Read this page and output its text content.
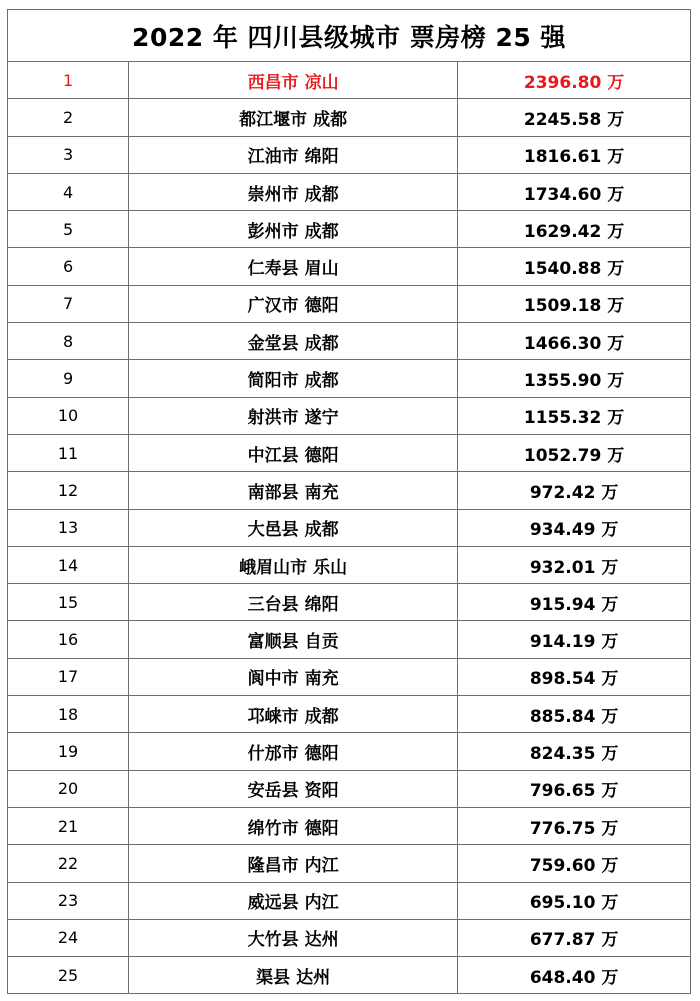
2022 年 四川县级城市 票房榜 25 强		
1	西昌市 凉山	2396.80 万
2	都江堰市 成都	2245.58 万
3	江油市 绵阳	1816.61 万
4	崇州市 成都	1734.60 万
5	彭州市 成都	1629.42 万
6	仁寿县 眉山	1540.88 万
7	广汉市 德阳	1509.18 万
8	金堂县 成都	1466.30 万
9	简阳市 成都	1355.90 万
10	射洪市 遂宁	1155.32 万
11	中江县 德阳	1052.79 万
12	南部县 南充	972.42 万
13	大邑县 成都	934.49 万
14	峨眉山市 乐山	932.01 万
15	三台县 绵阳	915.94 万
16	富顺县 自贡	914.19 万
17	阆中市 南充	898.54 万
18	邛崃市 成都	885.84 万
19	什邡市 德阳	824.35 万
20	安岳县 资阳	796.65 万
21	绵竹市 德阳	776.75 万
22	隆昌市 内江	759.60 万
23	威远县 内江	695.10 万
24	大竹县 达州	677.87 万
25	渠县 达州	648.40 万
